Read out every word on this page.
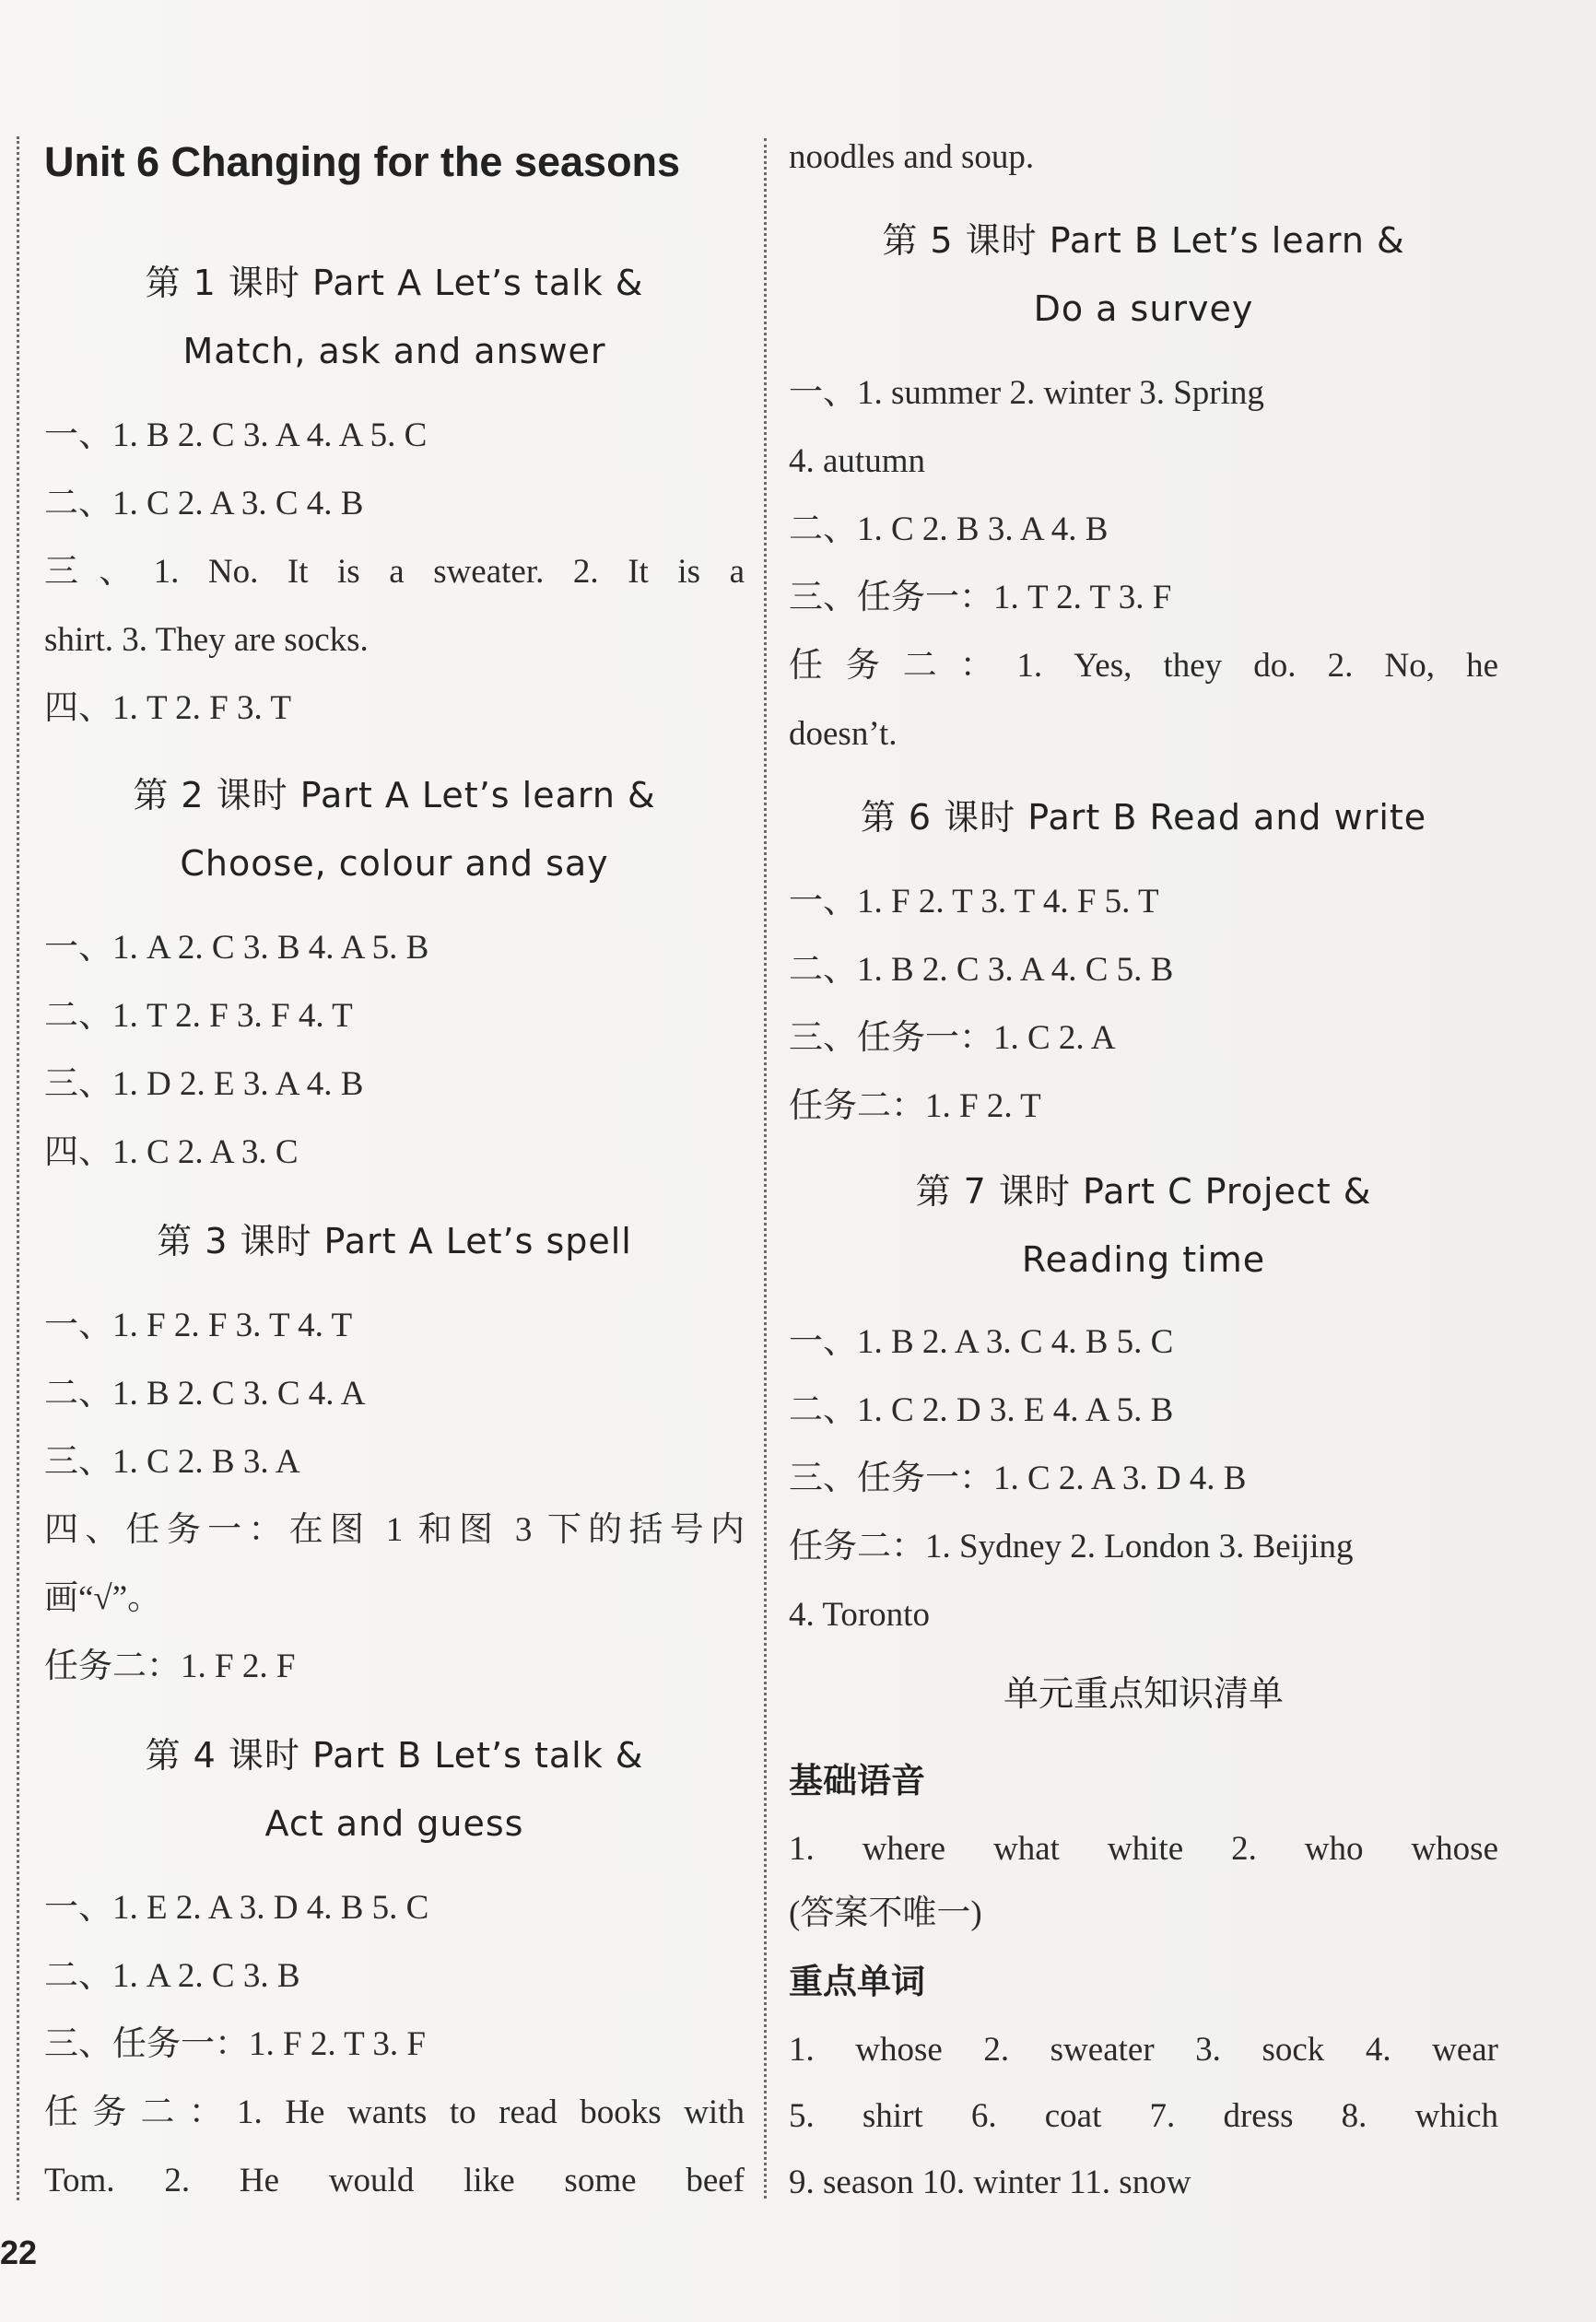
Unit 6 Changing for the seasons
第 1 课时 Part A Let’s talk &
Match, ask and answer
一、1. B 2. C 3. A 4. A 5. C
二、1. C 2. A 3. C 4. B
三、1. No. It is a sweater. 2. It is a
shirt. 3. They are socks.
四、1. T 2. F 3. T
第 2 课时 Part A Let’s learn &
Choose, colour and say
一、1. A 2. C 3. B 4. A 5. B
二、1. T 2. F 3. F 4. T
三、1. D 2. E 3. A 4. B
四、1. C 2. A 3. C
第 3 课时 Part A Let’s spell
一、1. F 2. F 3. T 4. T
二、1. B 2. C 3. C 4. A
三、1. C 2. B 3. A
四、任务一：在图 1 和图 3 下的括号内
画“√”。
任务二：1. F 2. F
第 4 课时 Part B Let’s talk &
Act and guess
一、1. E 2. A 3. D 4. B 5. C
二、1. A 2. C 3. B
三、任务一：1. F 2. T 3. F
任务二：1. He wants to read books with
Tom. 2. He would like some beef
noodles and soup.
第 5 课时 Part B Let’s learn &
Do a survey
一、1. summer 2. winter 3. Spring
4. autumn
二、1. C 2. B 3. A 4. B
三、任务一：1. T 2. T 3. F
任务二：1. Yes, they do. 2. No, he
doesn’t.
第 6 课时 Part B Read and write
一、1. F 2. T 3. T 4. F 5. T
二、1. B 2. C 3. A 4. C 5. B
三、任务一：1. C 2. A
任务二：1. F 2. T
第 7 课时 Part C Project &
Reading time
一、1. B 2. A 3. C 4. B 5. C
二、1. C 2. D 3. E 4. A 5. B
三、任务一：1. C 2. A 3. D 4. B
任务二：1. Sydney 2. London 3. Beijing
4. Toronto
单元重点知识清单
基础语音
1. where what white 2. who whose
(答案不唯一)
重点单词
1. whose 2. sweater 3. sock 4. wear
5. shirt 6. coat 7. dress 8. which
9. season 10. winter 11. snow
22
